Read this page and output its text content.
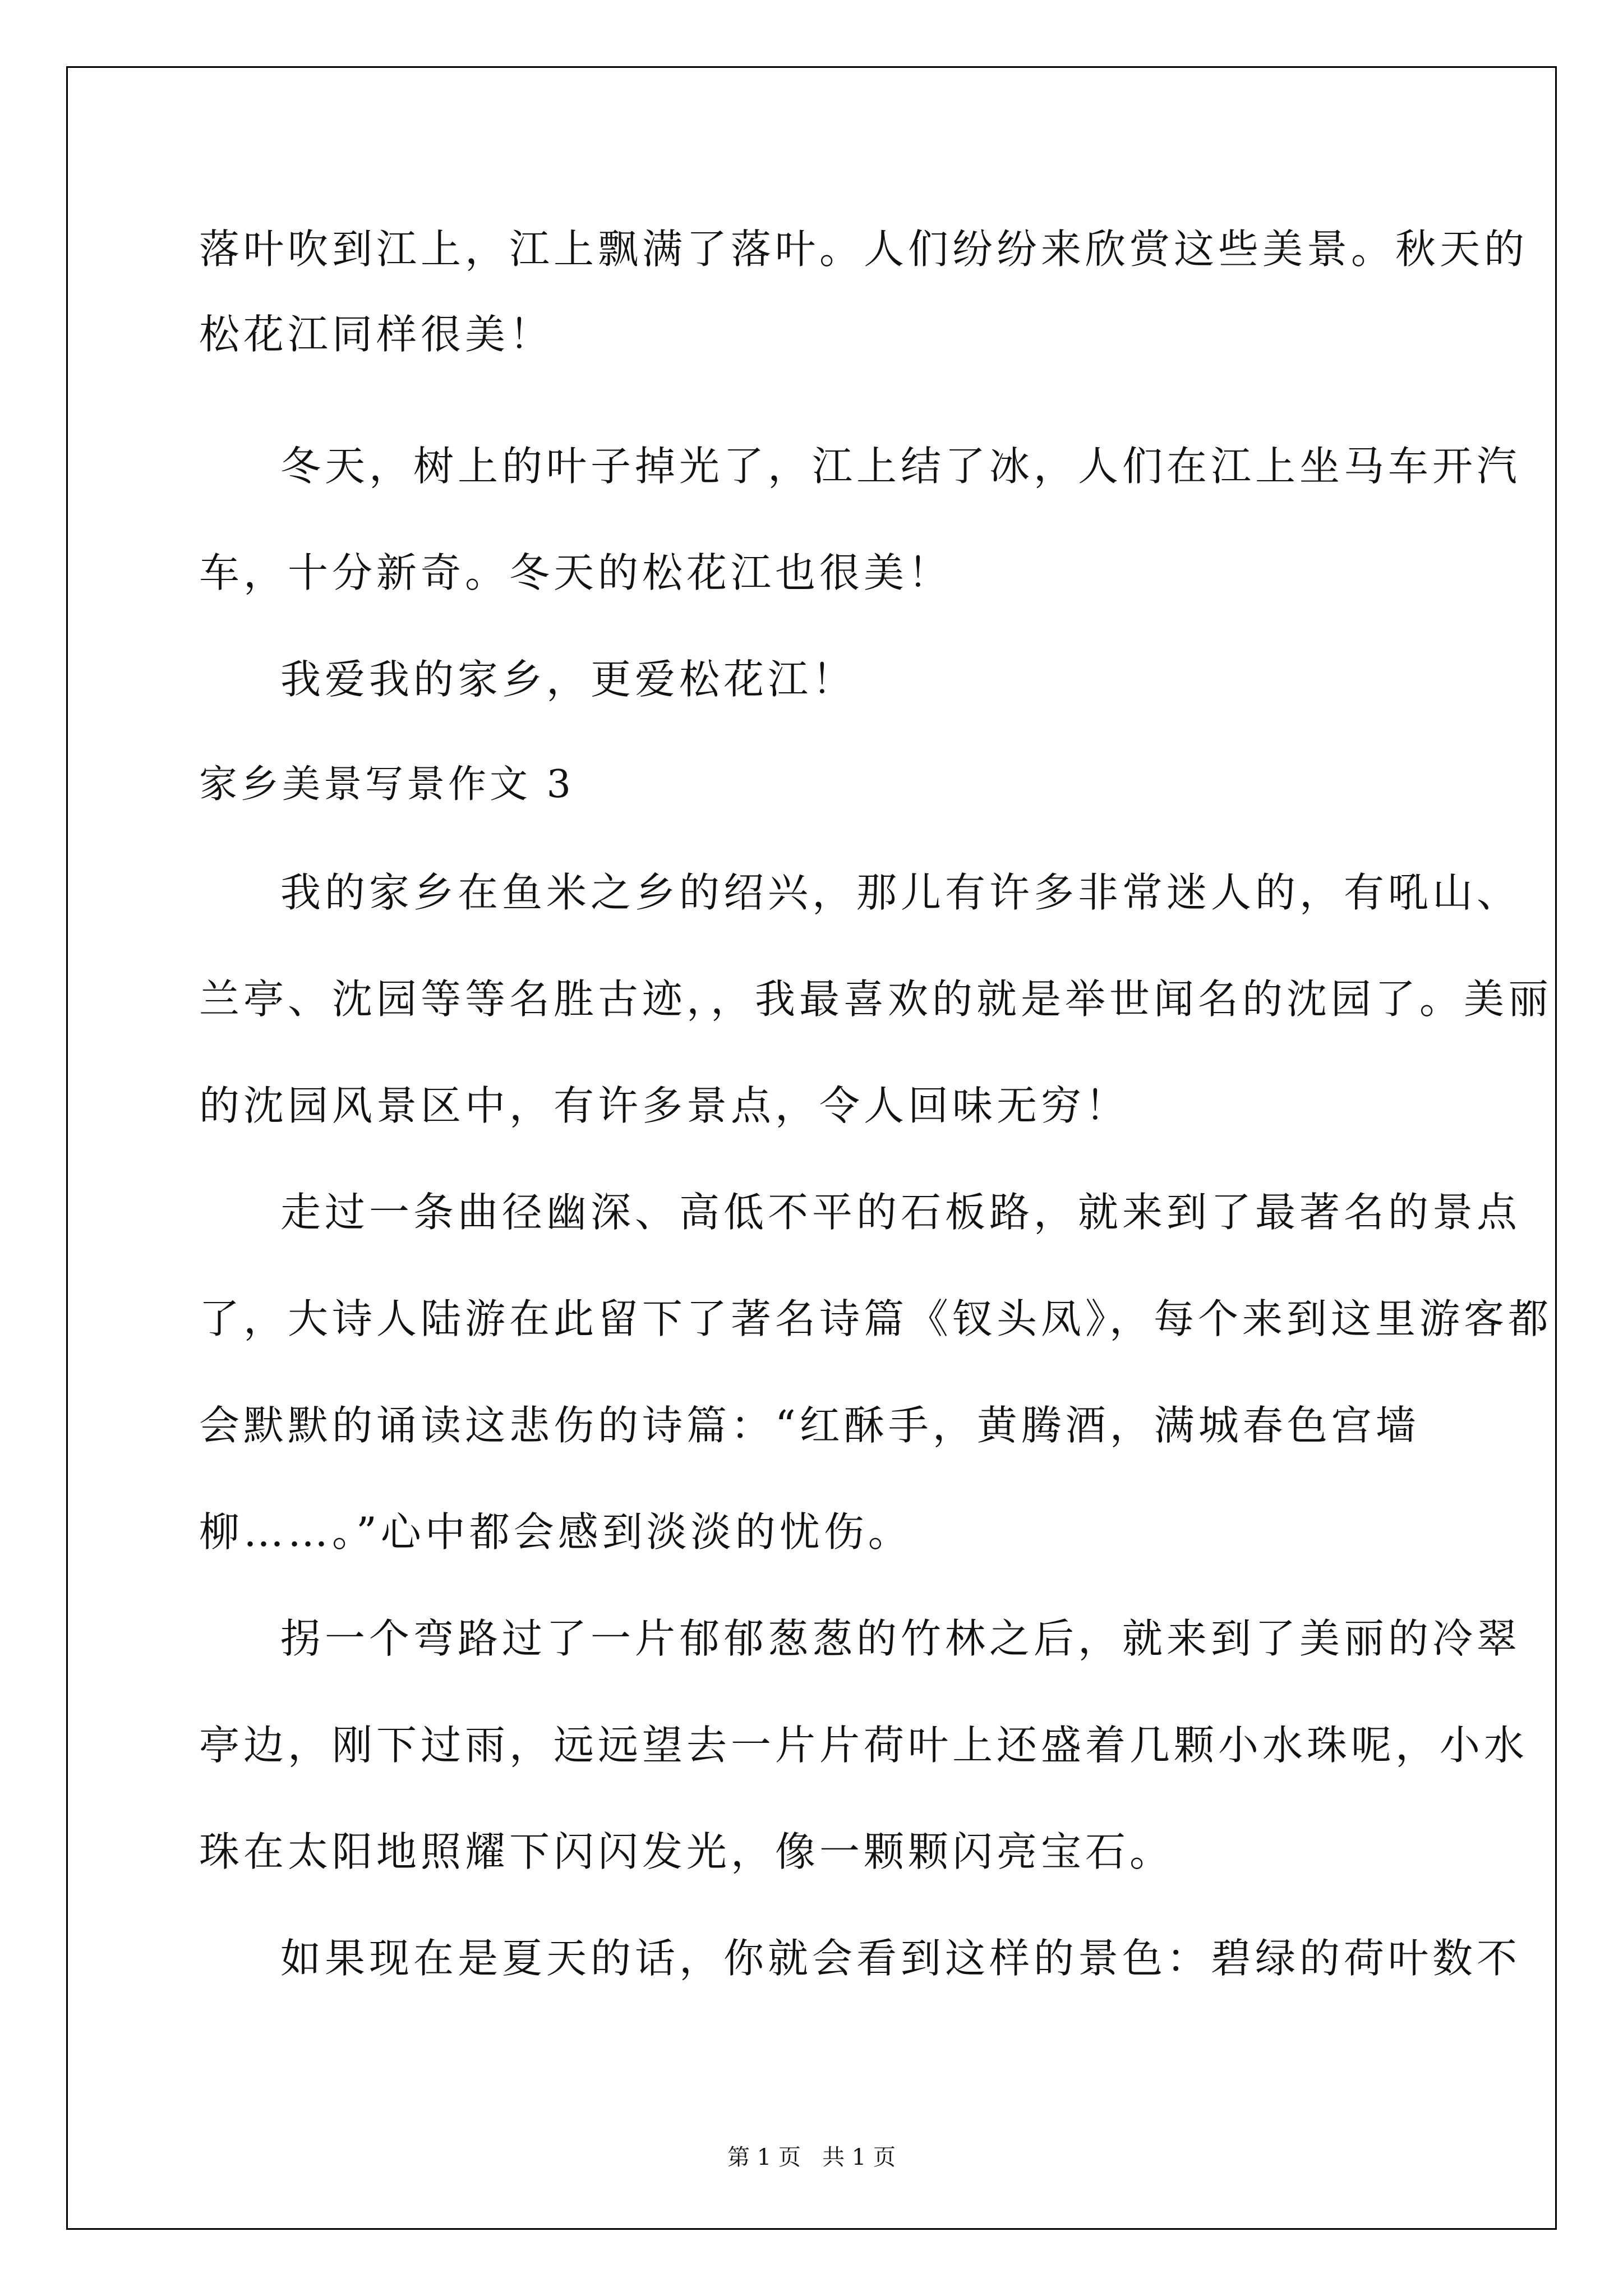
落叶吹到江上，江上飘满了落叶。人们纷纷来欣赏这些美景。秋天的
松花江同样很美！
冬天，树上的叶子掉光了，江上结了冰，人们在江上坐马车开汽
车，十分新奇。冬天的松花江也很美！
我爱我的家乡，更爱松花江！
家乡美景写景作文 3
我的家乡在鱼米之乡的绍兴，那儿有许多非常迷人的，有吼山、
兰亭、沈园等等名胜古迹，，我最喜欢的就是举世闻名的沈园了。美丽
的沈园风景区中，有许多景点，令人回味无穷！
走过一条曲径幽深、高低不平的石板路，就来到了最著名的景点
了，大诗人陆游在此留下了著名诗篇《钗头凤》，每个来到这里游客都
会默默的诵读这悲伤的诗篇：“红酥手，黄腾酒，满城春色宫墙
柳……。”心中都会感到淡淡的忧伤。
拐一个弯路过了一片郁郁葱葱的竹林之后，就来到了美丽的冷翠
亭边，刚下过雨，远远望去一片片荷叶上还盛着几颗小水珠呢，小水
珠在太阳地照耀下闪闪发光，像一颗颗闪亮宝石。
如果现在是夏天的话，你就会看到这样的景色：碧绿的荷叶数不
第 1 页   共 1 页
